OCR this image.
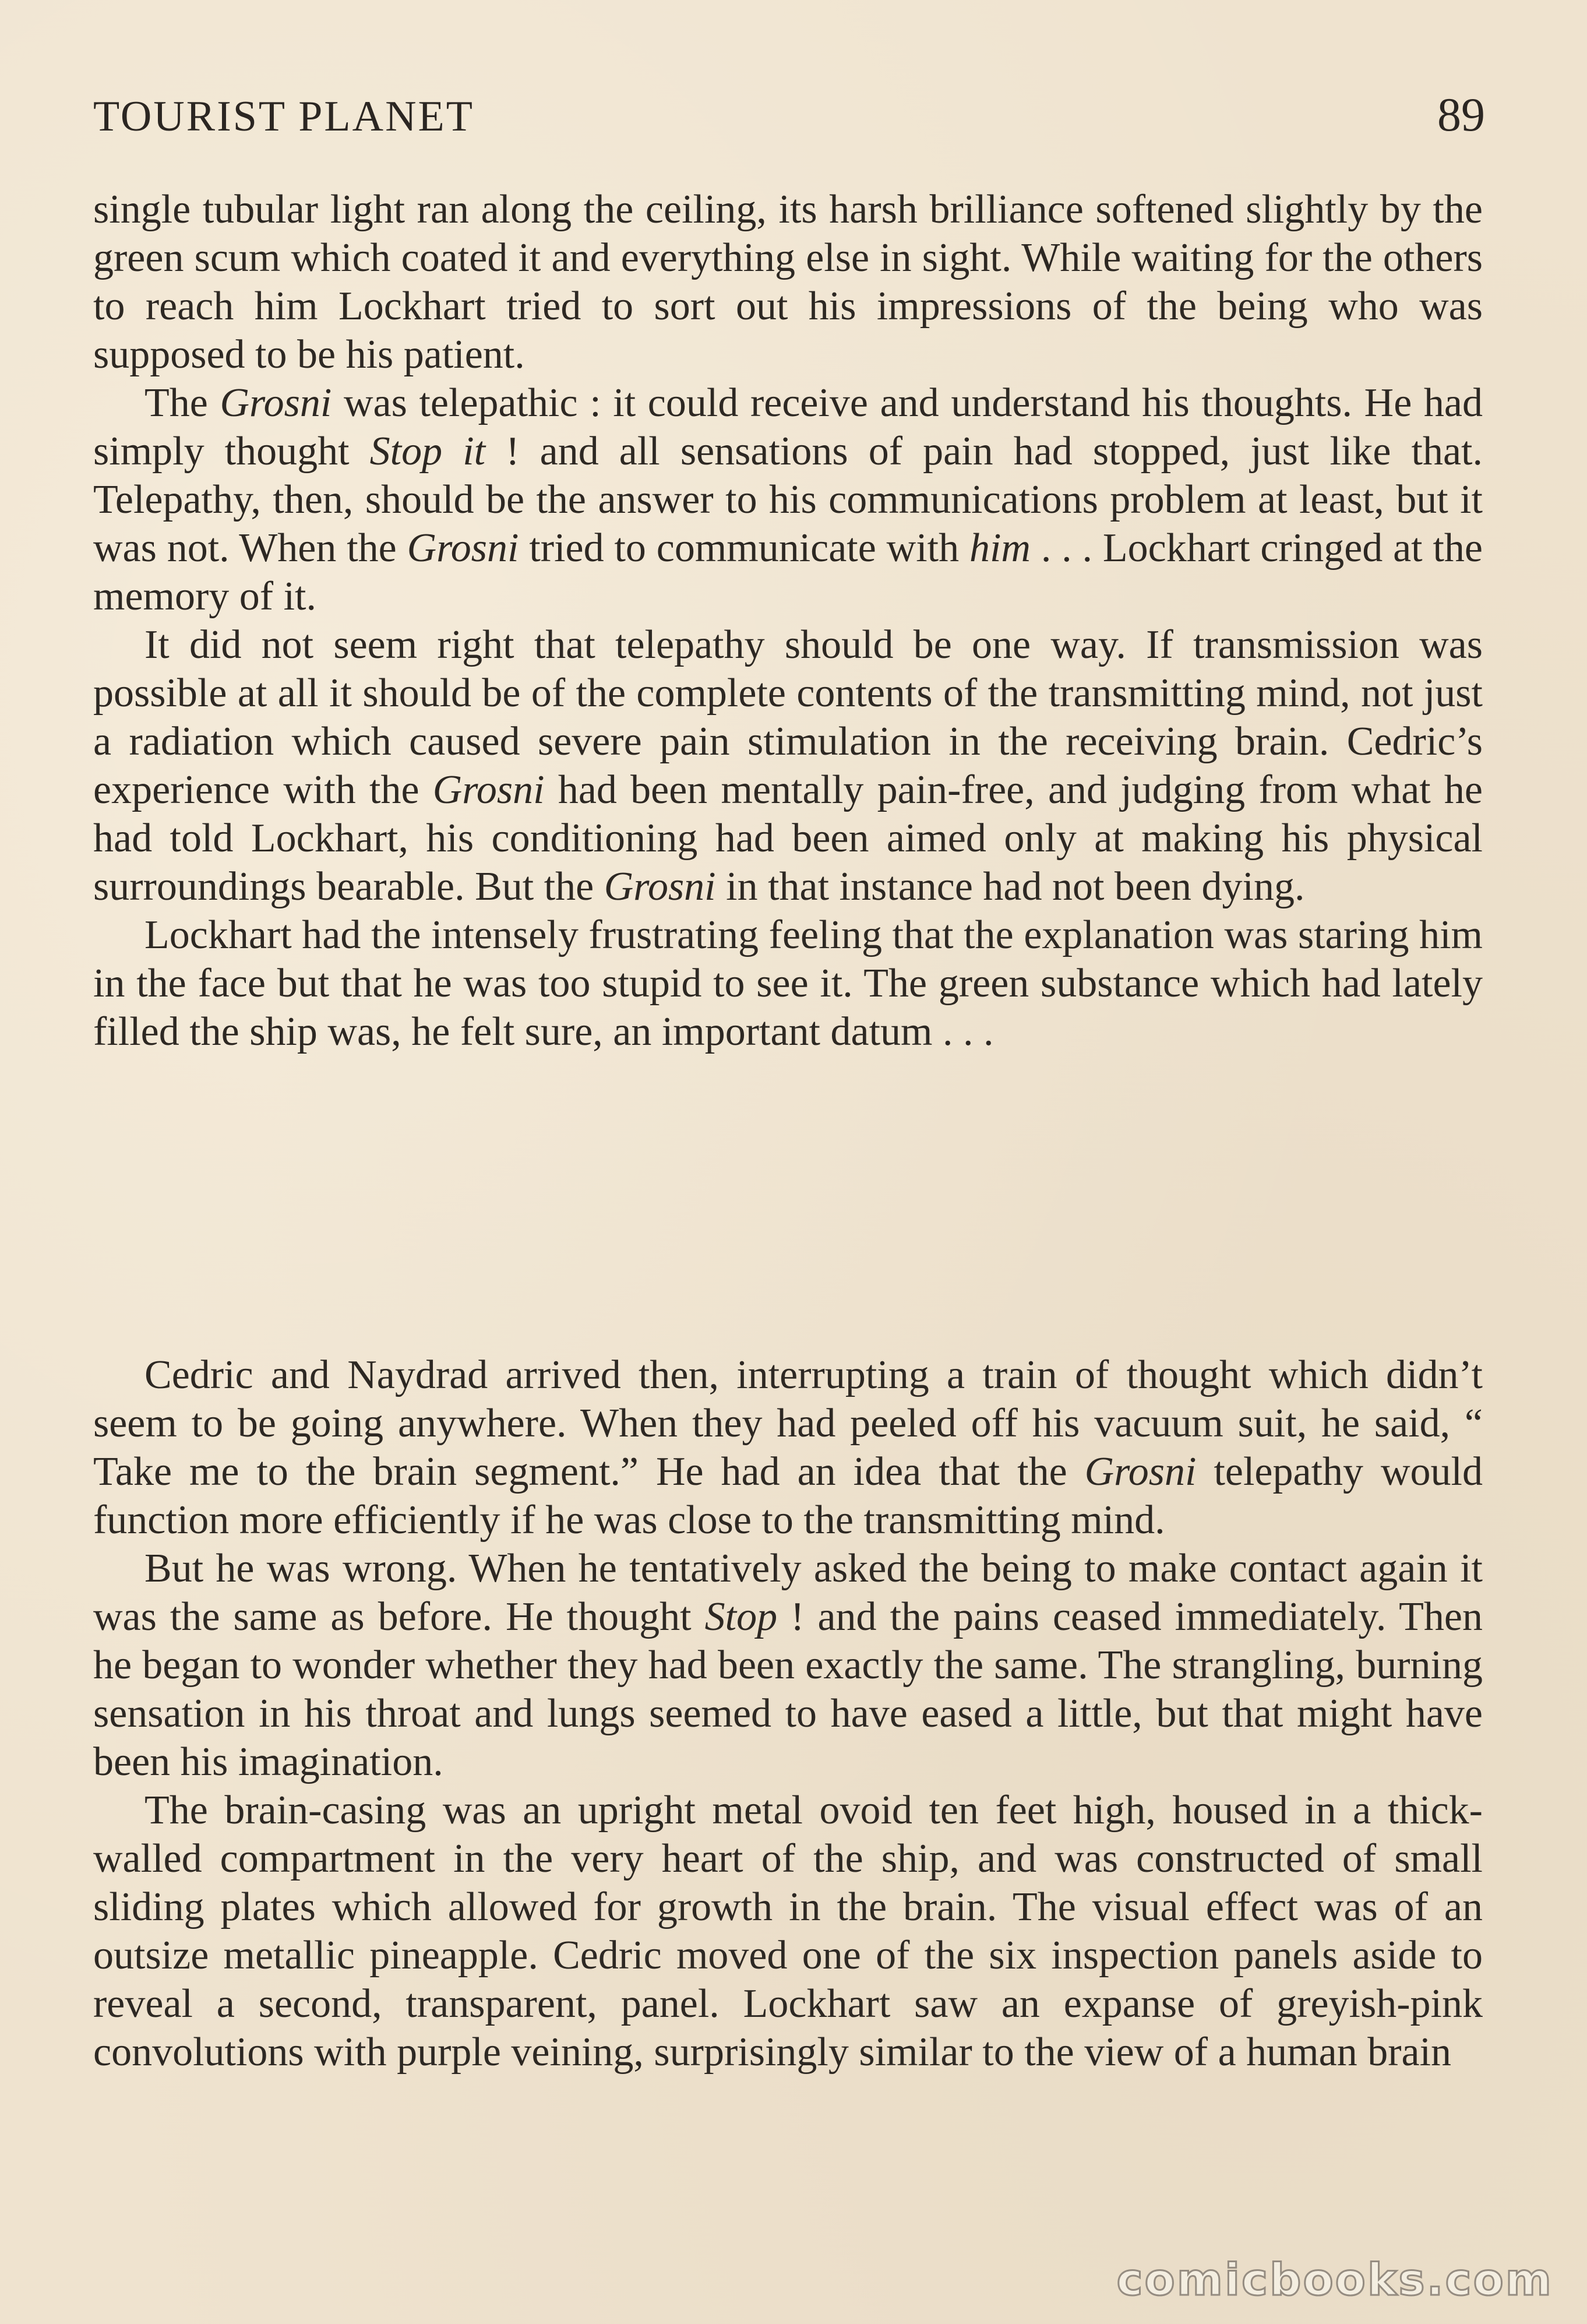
TOURIST PLANET	89

single tubular light ran along the ceiling, its harsh brilliance softened slightly by the green scum which coated it and everything else in sight. While waiting for the others to reach him Lockhart tried to sort out his impressions of the being who was supposed to be his patient.

The Grosni was telepathic : it could receive and understand his thoughts. He had simply thought Stop it ! and all sensations of pain had stopped, just like that. Telepathy, then, should be the answer to his communications problem at least, but it was not. When the Grosni tried to communicate with him . . . Lockhart cringed at the memory of it.

It did not seem right that telepathy should be one way. If transmission was possible at all it should be of the complete contents of the transmitting mind, not just a radiation which caused severe pain stimulation in the receiving brain. Cedric’s experience with the Grosni had been mentally pain-free, and judging from what he had told Lockhart, his conditioning had been aimed only at making his physical surroundings bearable. But the Grosni in that instance had not been dying.

Lockhart had the intensely frustrating feeling that the explanation was staring him in the face but that he was too stupid to see it. The green substance which had lately filled the ship was, he felt sure, an important datum . . .

Cedric and Naydrad arrived then, interrupting a train of thought which didn’t seem to be going anywhere. When they had peeled off his vacuum suit, he said, “ Take me to the brain segment.” He had an idea that the Grosni telepathy would function more efficiently if he was close to the transmitting mind.

But he was wrong. When he tentatively asked the being to make contact again it was the same as before. He thought Stop ! and the pains ceased immediately. Then he began to wonder whether they had been exactly the same. The strangling, burning sensation in his throat and lungs seemed to have eased a little, but that might have been his imagination.

The brain-casing was an upright metal ovoid ten feet high, housed in a thick-walled compartment in the very heart of the ship, and was constructed of small sliding plates which allowed for growth in the brain. The visual effect was of an outsize metallic pineapple. Cedric moved one of the six inspection panels aside to reveal a second, transparent, panel. Lockhart saw an expanse of greyish-pink convolutions with purple veining, surprisingly similar to the view of a human brain

comicbooks.com
